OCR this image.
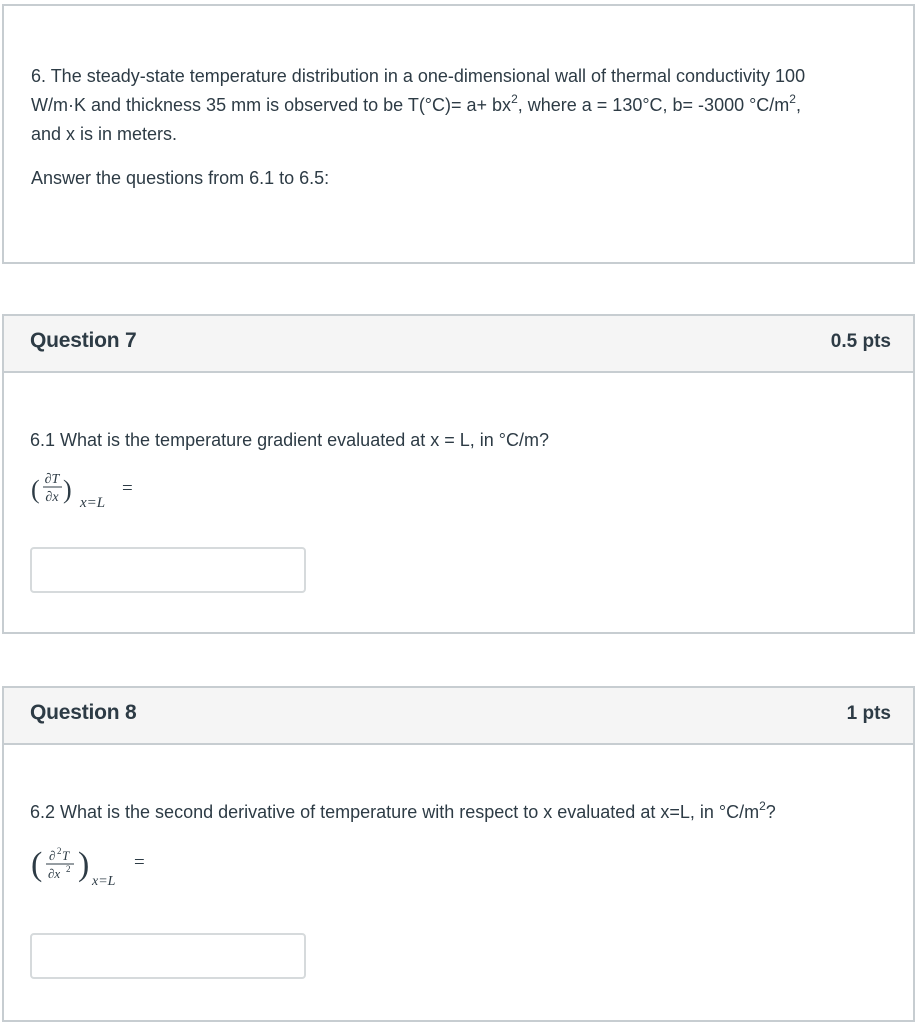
6. The steady-state temperature distribution in a one-dimensional wall of thermal conductivity 100
W/m·K and thickness 35 mm is observed to be $T(^\circ C)= a+ bx^2$, where a = 130°C, b= -3000 $^\circ C/m^2$,
and x is in meters.

Answer the questions from 6.1 to 6.5:

Question 7	0.5 pts
6.1 What is the temperature gradient evaluated at x = L, in °C/m?
( ∂T
∂x ) x=L
=
Question 8	1 pts
6.2 What is the second derivative of temperature with respect to x evaluated at x=L, in $^\circ C/m^2$?
( ∂ 2 T
∂x 2 ) x=L
=
